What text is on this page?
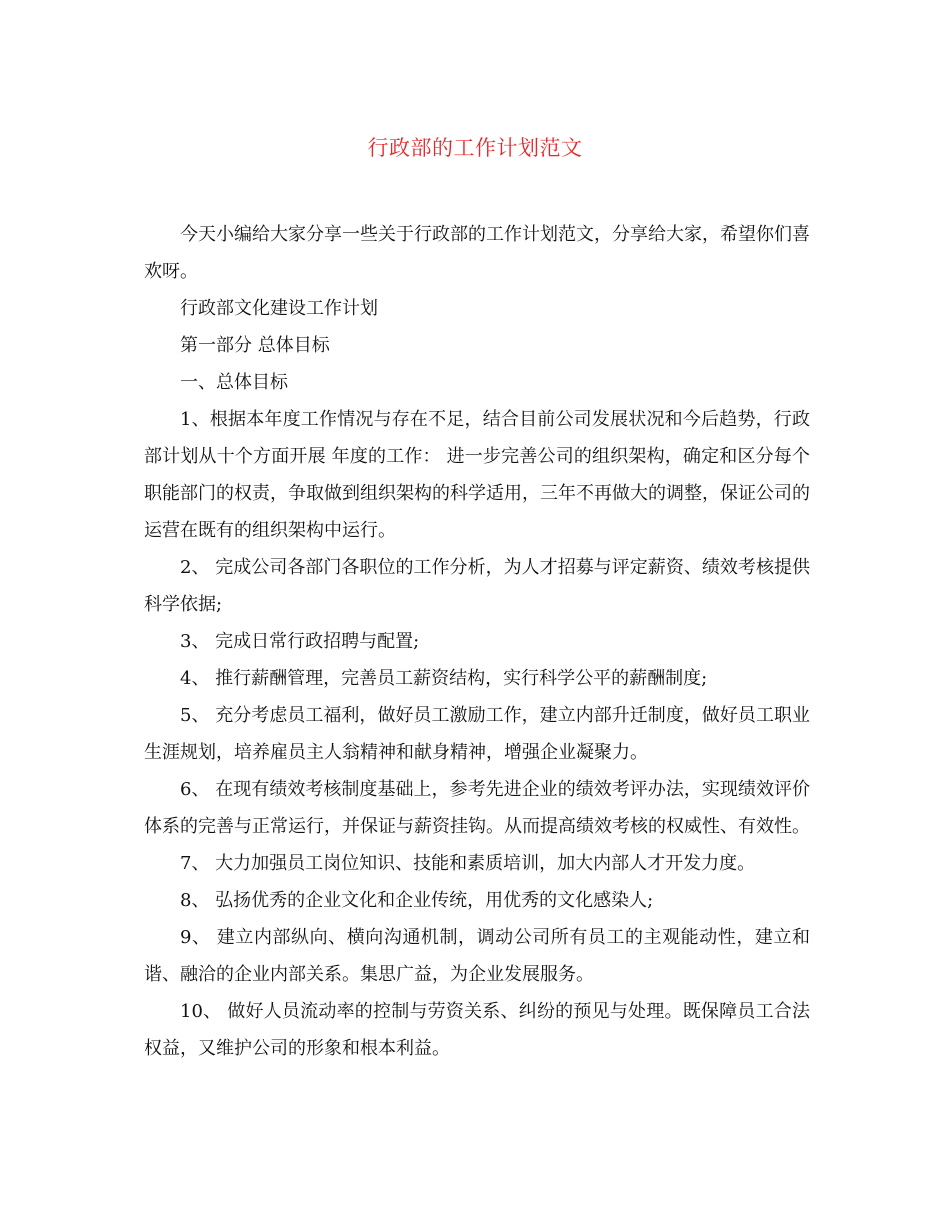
行政部的工作计划范文

今天小编给大家分享一些关于行政部的工作计划范文，分享给大家，希望你们喜欢呀。

行政部文化建设工作计划

第一部分 总体目标

一、总体目标

1、根据本年度工作情况与存在不足，结合目前公司发展状况和今后趋势，行政部计划从十个方面开展 年度的工作： 进一步完善公司的组织架构，确定和区分每个职能部门的权责，争取做到组织架构的科学适用，三年不再做大的调整，保证公司的运营在既有的组织架构中运行。

2、 完成公司各部门各职位的工作分析，为人才招募与评定薪资、绩效考核提供科学依据;

3、 完成日常行政招聘与配置;

4、 推行薪酬管理，完善员工薪资结构，实行科学公平的薪酬制度;

5、 充分考虑员工福利，做好员工激励工作，建立内部升迁制度，做好员工职业生涯规划，培养雇员主人翁精神和献身精神，增强企业凝聚力。

6、 在现有绩效考核制度基础上，参考先进企业的绩效考评办法，实现绩效评价体系的完善与正常运行，并保证与薪资挂钩。从而提高绩效考核的权威性、有效性。

7、 大力加强员工岗位知识、技能和素质培训，加大内部人才开发力度。

8、 弘扬优秀的企业文化和企业传统，用优秀的文化感染人;

9、 建立内部纵向、横向沟通机制，调动公司所有员工的主观能动性，建立和谐、融洽的企业内部关系。集思广益，为企业发展服务。

10、 做好人员流动率的控制与劳资关系、纠纷的预见与处理。既保障员工合法权益，又维护公司的形象和根本利益。
